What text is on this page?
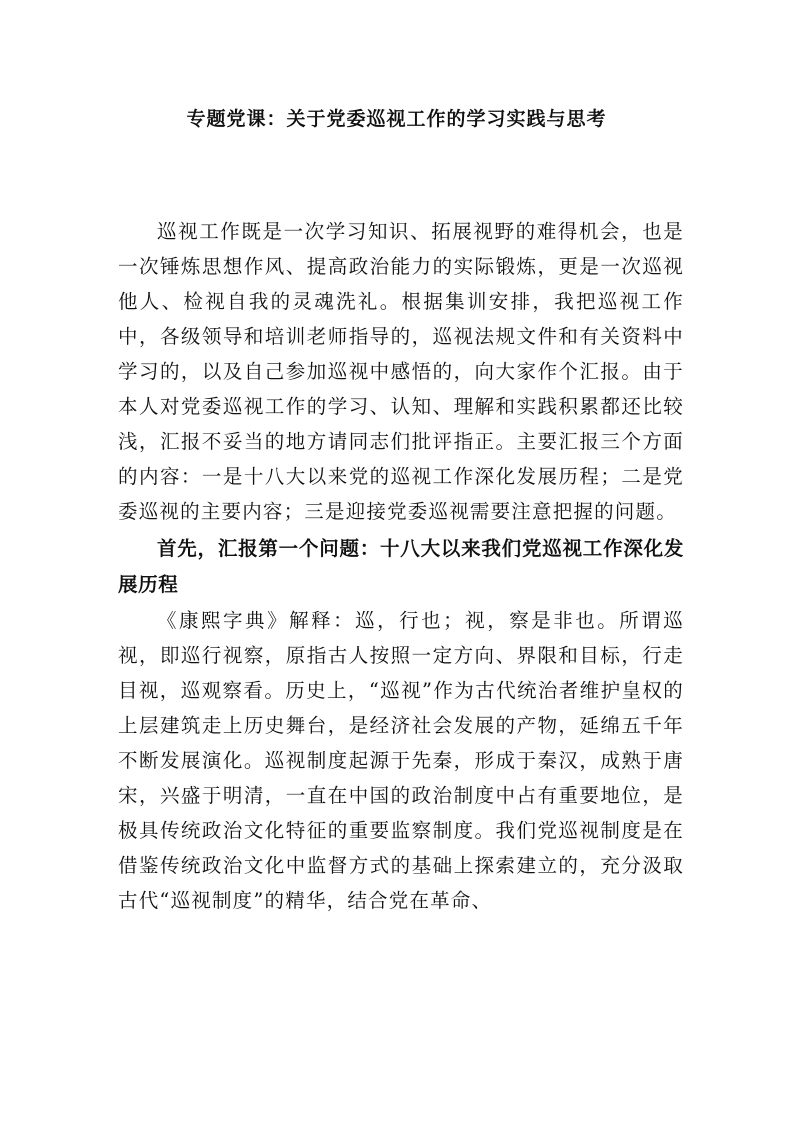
专题党课：关于党委巡视工作的学习实践与思考

巡视工作既是一次学习知识、拓展视野的难得机会，也是一次锤炼思想作风、提高政治能力的实际锻炼，更是一次巡视他人、检视自我的灵魂洗礼。根据集训安排，我把巡视工作中，各级领导和培训老师指导的，巡视法规文件和有关资料中学习的，以及自己参加巡视中感悟的，向大家作个汇报。由于本人对党委巡视工作的学习、认知、理解和实践积累都还比较浅，汇报不妥当的地方请同志们批评指正。主要汇报三个方面的内容：一是十八大以来党的巡视工作深化发展历程；二是党委巡视的主要内容；三是迎接党委巡视需要注意把握的问题。

首先，汇报第一个问题：十八大以来我们党巡视工作深化发展历程

《康熙字典》解释：巡，行也；视，察是非也。所谓巡视，即巡行视察，原指古人按照一定方向、界限和目标，行走目视，巡观察看。历史上，“巡视”作为古代统治者维护皇权的上层建筑走上历史舞台，是经济社会发展的产物，延绵五千年不断发展演化。巡视制度起源于先秦，形成于秦汉，成熟于唐宋，兴盛于明清，一直在中国的政治制度中占有重要地位，是极具传统政治文化特征的重要监察制度。我们党巡视制度是在借鉴传统政治文化中监督方式的基础上探索建立的，充分汲取古代“巡视制度”的精华，结合党在革命、
